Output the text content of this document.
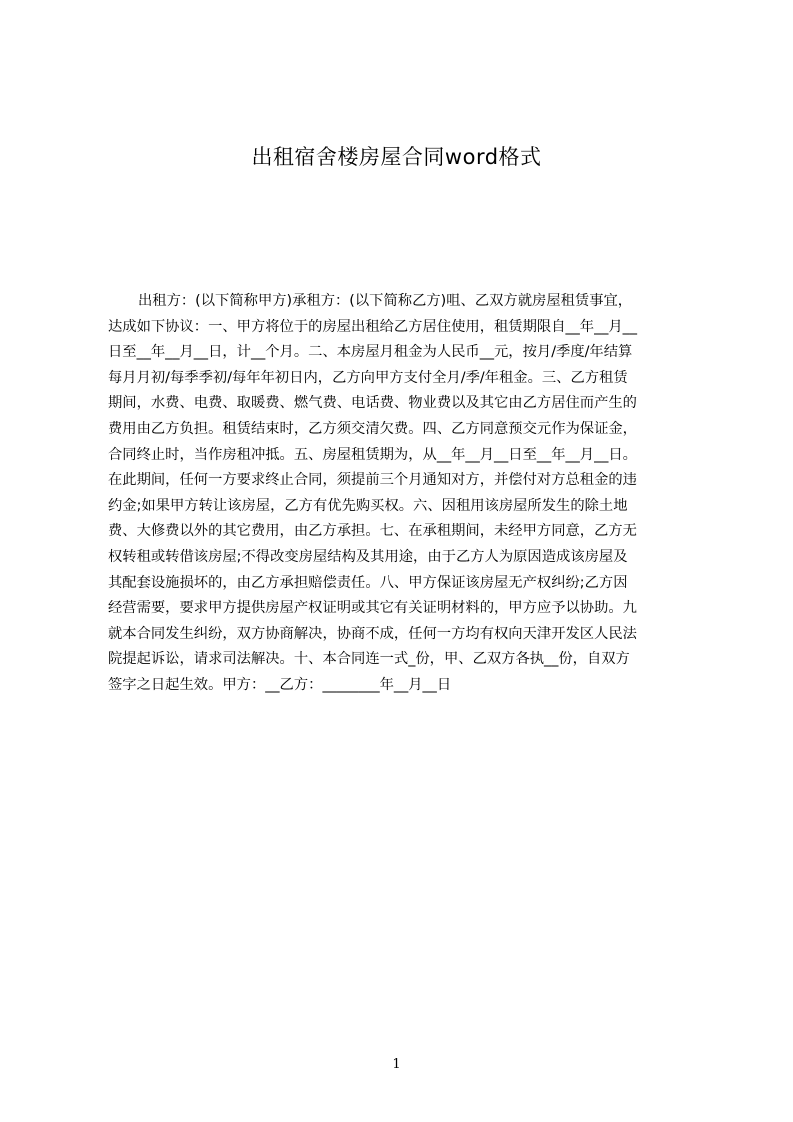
出租宿舍楼房屋合同word格式
出租方：(以下简称甲方)承租方：(以下简称乙方)咀、乙双方就房屋租赁事宜，
达成如下协议：一、甲方将位于的房屋出租给乙方居住使用，租赁期限自__年__月__
日至__年__月__日，计__个月。二、本房屋月租金为人民币__元，按月/季度/年结算
每月月初/每季季初/每年年初日内，乙方向甲方支付全月/季/年租金。三、乙方租赁
期间，水费、电费、取暖费、燃气费、电话费、物业费以及其它由乙方居住而产生的
费用由乙方负担。租赁结束时，乙方须交清欠费。四、乙方同意预交元作为保证金，
合同终止时，当作房租冲抵。五、房屋租赁期为，从__年__月__日至__年__月__日。
在此期间，任何一方要求终止合同，须提前三个月通知对方，并偿付对方总租金的违
约金;如果甲方转让该房屋，乙方有优先购买权。六、因租用该房屋所发生的除土地
费、大修费以外的其它费用，由乙方承担。七、在承租期间，未经甲方同意，乙方无
权转租或转借该房屋;不得改变房屋结构及其用途，由于乙方人为原因造成该房屋及
其配套设施损坏的，由乙方承担赔偿责任。八、甲方保证该房屋无产权纠纷;乙方因
经营需要，要求甲方提供房屋产权证明或其它有关证明材料的，甲方应予以协助。九
就本合同发生纠纷，双方协商解决，协商不成，任何一方均有权向天津开发区人民法
院提起诉讼，请求司法解决。十、本合同连一式_份，甲、乙双方各执__份，自双方
签字之日起生效。甲方：__乙方：________年__月__日
1
